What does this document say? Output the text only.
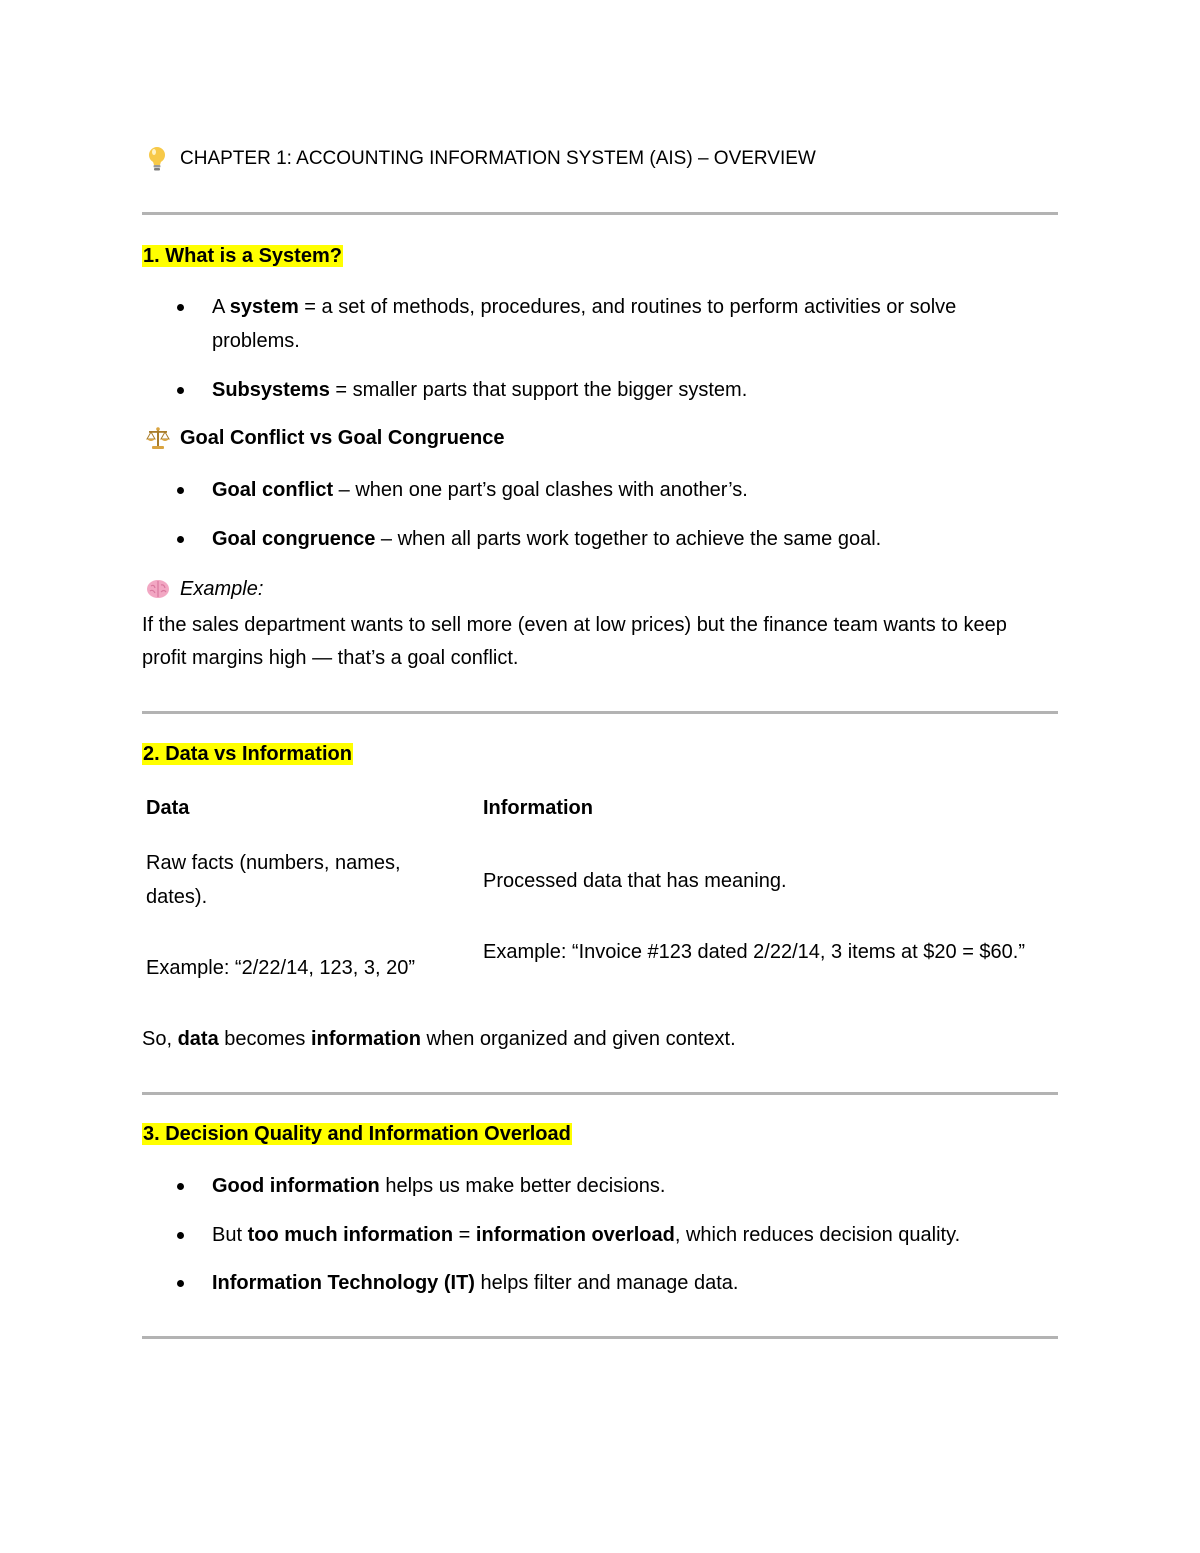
CHAPTER 1: ACCOUNTING INFORMATION SYSTEM (AIS) – OVERVIEW
1. What is a System?
A system = a set of methods, procedures, and routines to perform activities or solve problems.
Subsystems = smaller parts that support the bigger system.
Goal Conflict vs Goal Congruence
Goal conflict – when one part’s goal clashes with another’s.
Goal congruence – when all parts work together to achieve the same goal.
Example:
If the sales department wants to sell more (even at low prices) but the finance team wants to keep profit margins high — that’s a goal conflict.
2. Data vs Information
Data	Information
Raw facts (numbers, names, dates).
Processed data that has meaning.
Example: “2/22/14, 123, 3, 20”
Example: “Invoice #123 dated 2/22/14, 3 items at $20 = $60.”
So, data becomes information when organized and given context.
3. Decision Quality and Information Overload
Good information helps us make better decisions.
But too much information = information overload, which reduces decision quality.
Information Technology (IT) helps filter and manage data.
